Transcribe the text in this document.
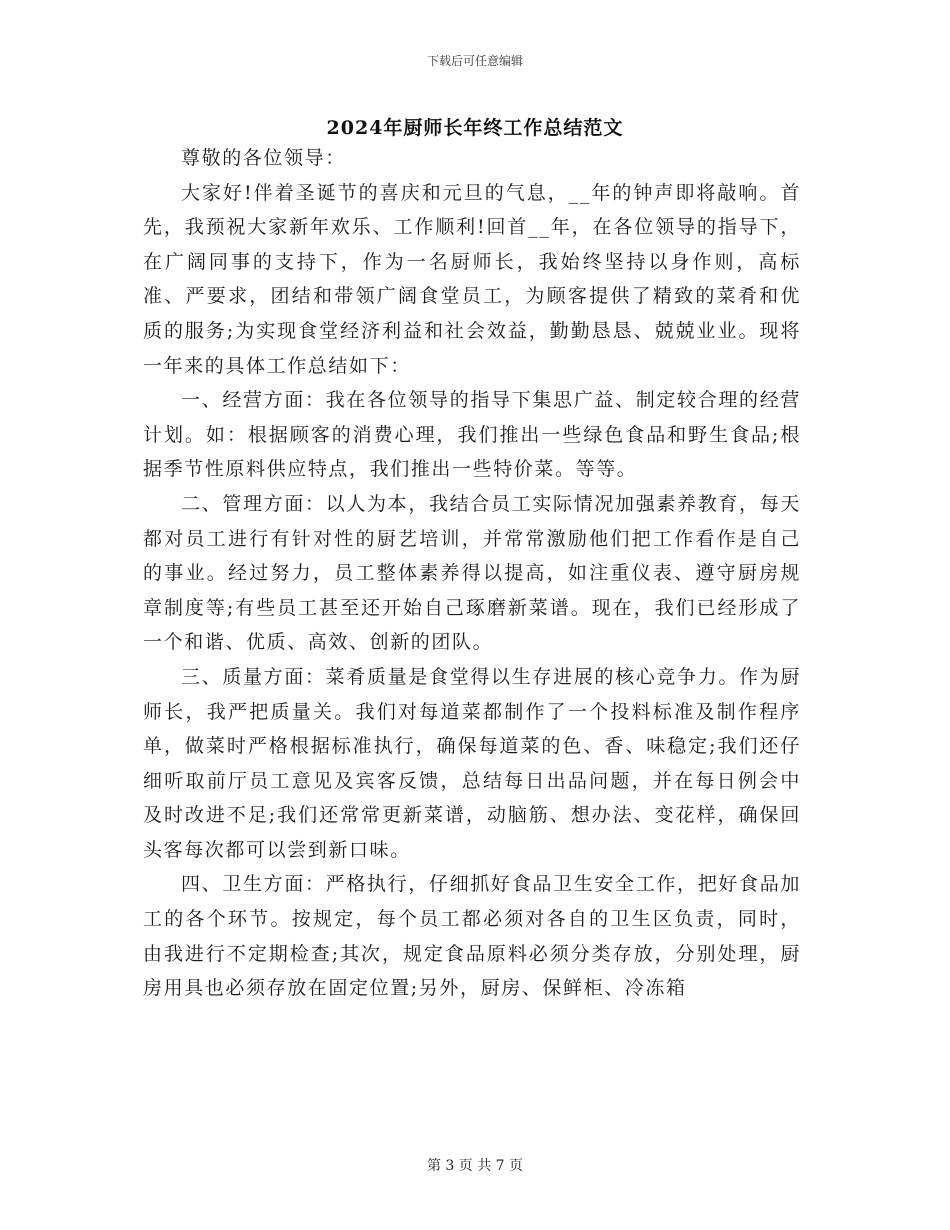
下载后可任意编辑
2024年厨师长年终工作总结范文

尊敬的各位领导：

大家好!伴着圣诞节的喜庆和元旦的气息，__年的钟声即将敲响。首先，我预祝大家新年欢乐、工作顺利!回首__年，在各位领导的指导下，在广阔同事的支持下，作为一名厨师长，我始终坚持以身作则，高标准、严要求，团结和带领广阔食堂员工，为顾客提供了精致的菜肴和优质的服务;为实现食堂经济利益和社会效益，勤勤恳恳、兢兢业业。现将一年来的具体工作总结如下：

一、经营方面：我在各位领导的指导下集思广益、制定较合理的经营计划。如：根据顾客的消费心理，我们推出一些绿色食品和野生食品;根据季节性原料供应特点，我们推出一些特价菜。等等。

二、管理方面：以人为本，我结合员工实际情况加强素养教育，每天都对员工进行有针对性的厨艺培训，并常常激励他们把工作看作是自己的事业。经过努力，员工整体素养得以提高，如注重仪表、遵守厨房规章制度等;有些员工甚至还开始自己琢磨新菜谱。现在，我们已经形成了一个和谐、优质、高效、创新的团队。

三、质量方面：菜肴质量是食堂得以生存进展的核心竞争力。作为厨师长，我严把质量关。我们对每道菜都制作了一个投料标准及制作程序单，做菜时严格根据标准执行，确保每道菜的色、香、味稳定;我们还仔细听取前厅员工意见及宾客反馈，总结每日出品问题，并在每日例会中及时改进不足;我们还常常更新菜谱，动脑筋、想办法、变花样，确保回头客每次都可以尝到新口味。

四、卫生方面：严格执行，仔细抓好食品卫生安全工作，把好食品加工的各个环节。按规定，每个员工都必须对各自的卫生区负责，同时，由我进行不定期检查;其次，规定食品原料必须分类存放，分别处理，厨房用具也必须存放在固定位置;另外，厨房、保鲜柜、冷冻箱

第 3 页 共 7 页
